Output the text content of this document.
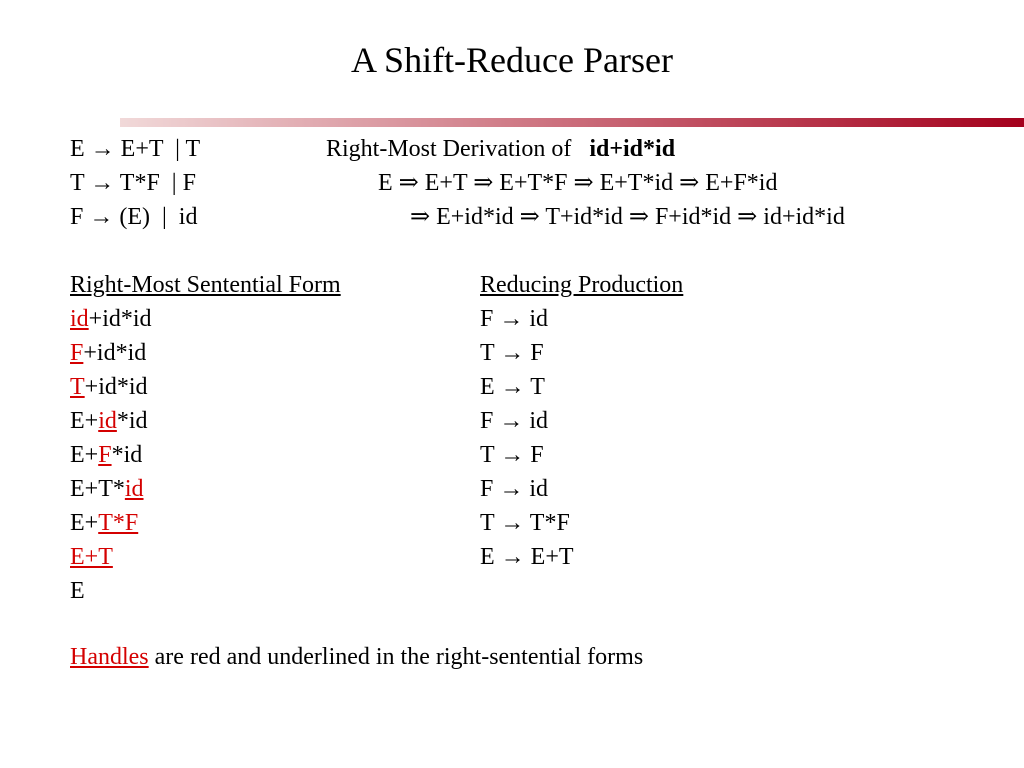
A Shift-Reduce Parser
E → E+T  | T
T → T*F  | F
F → (E)  |  id
Right-Most Derivation of id+id*id
E ⇒ E+T ⇒ E+T*F ⇒ E+T*id ⇒ E+F*id
⇒ E+id*id ⇒ T+id*id ⇒ F+id*id ⇒ id+id*id
Right-Most Sentential Form	Reducing Production
id+id*id	F → id
F+id*id	T → F
T+id*id	E → T
E+id*id	F → id
E+F*id	T → F
E+T*id	F → id
E+T*F	T → T*F
E+T	E → E+T
E
Handles are red and underlined in the right-sentential forms
